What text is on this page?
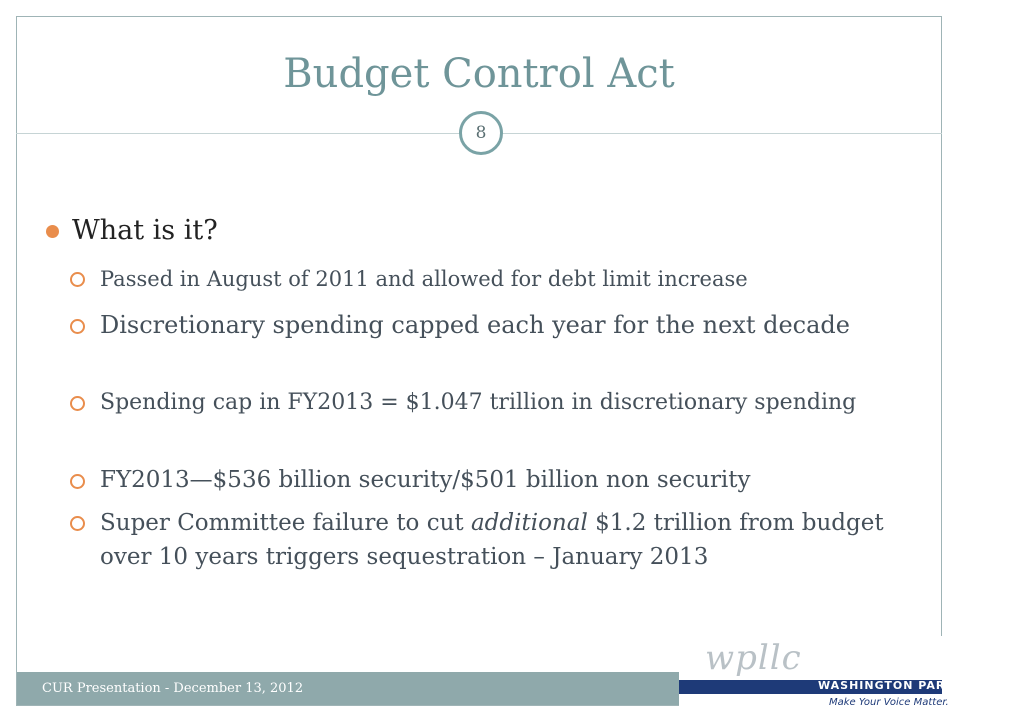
Budget Control Act
8
What is it?
Passed in August of 2011 and allowed for debt limit increase
Discretionary spending capped each year for the next decade
Spending cap in FY2013 = $1.047 trillion in discretionary spending
FY2013—$536 billion security/$501 billion non security
Super Committee failure to cut additional $1.2 trillion from budget over 10 years triggers sequestration – January 2013
CUR Presentation - December 13, 2012
wpllc
WASHINGTON PARTNERS LLC
Make Your Voice Matter.
